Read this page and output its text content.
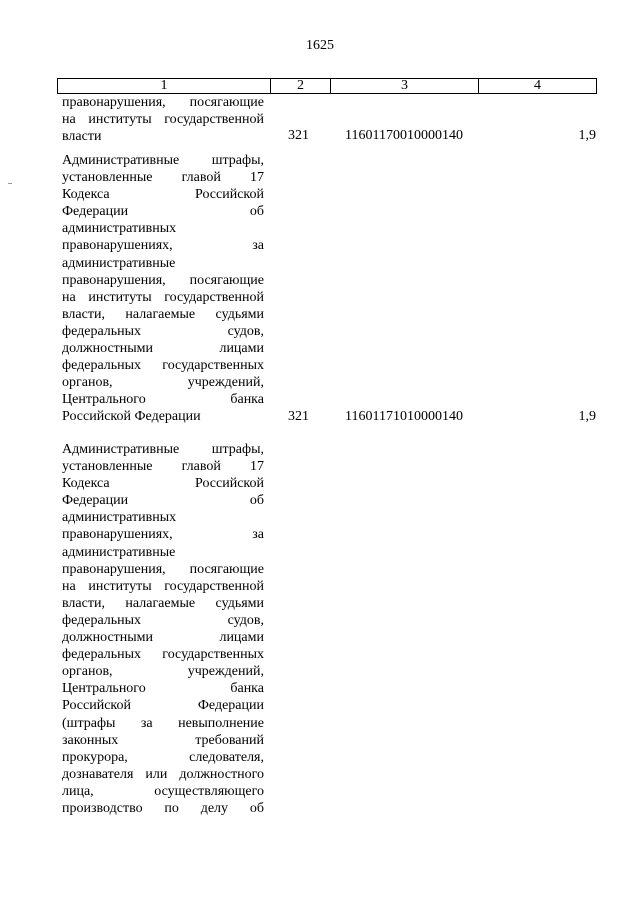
1625
1	2	3	4
правонарушения, посягающие
на институты государственной
власти	321	11601170010000140	1,9
Административные штрафы,
установленные главой 17
Кодекса Российской
Федерации об
административных
правонарушениях, за
административные
правонарушения, посягающие
на институты государственной
власти, налагаемые судьями
федеральных судов,
должностными лицами
федеральных государственных
органов, учреждений,
Центрального банка
Российской Федерации	321	11601171010000140	1,9
Административные штрафы,
установленные главой 17
Кодекса Российской
Федерации об
административных
правонарушениях, за
административные
правонарушения, посягающие
на институты государственной
власти, налагаемые судьями
федеральных судов,
должностными лицами
федеральных государственных
органов, учреждений,
Центрального банка
Российской Федерации
(штрафы за невыполнение
законных требований
прокурора, следователя,
дознавателя или должностного
лица, осуществляющего
производство по делу об
